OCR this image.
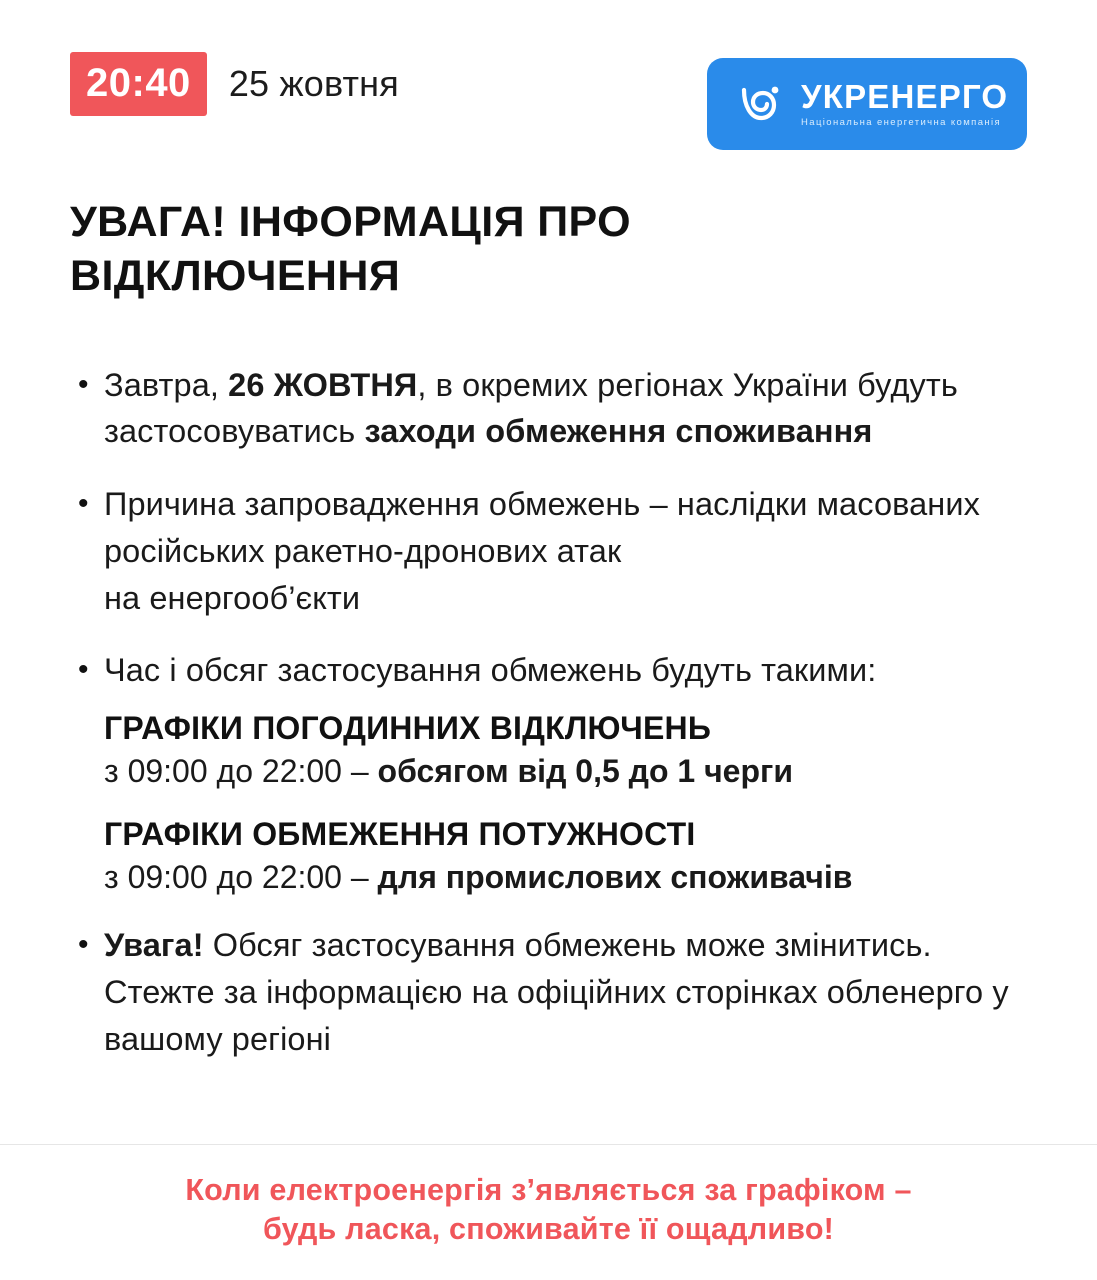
20:40	25 жовтня	УКРЕНЕРГО
Національна енергетична компанія
УВАГА! ІНФОРМАЦІЯ ПРО ВІДКЛЮЧЕННЯ
• Завтра, 26 ЖОВТНЯ, в окремих регіонах України будуть застосовуватись заходи обмеження споживання
• Причина запровадження обмежень – наслідки масованих російських ракетно-дронових атак
на енергооб’єкти
• Час і обсяг застосування обмежень будуть такими:
ГРАФІКИ ПОГОДИННИХ ВІДКЛЮЧЕНЬ
з 09:00 до 22:00 – обсягом від 0,5 до 1 черги
ГРАФІКИ ОБМЕЖЕННЯ ПОТУЖНОСТІ
з 09:00 до 22:00 – для промислових споживачів
• Увага! Обсяг застосування обмежень може змінитись. Стежте за інформацією на офіційних сторінках обленерго у вашому регіоні
Коли електроенергія з’являється за графіком –
будь ласка, споживайте її ощадливо!
